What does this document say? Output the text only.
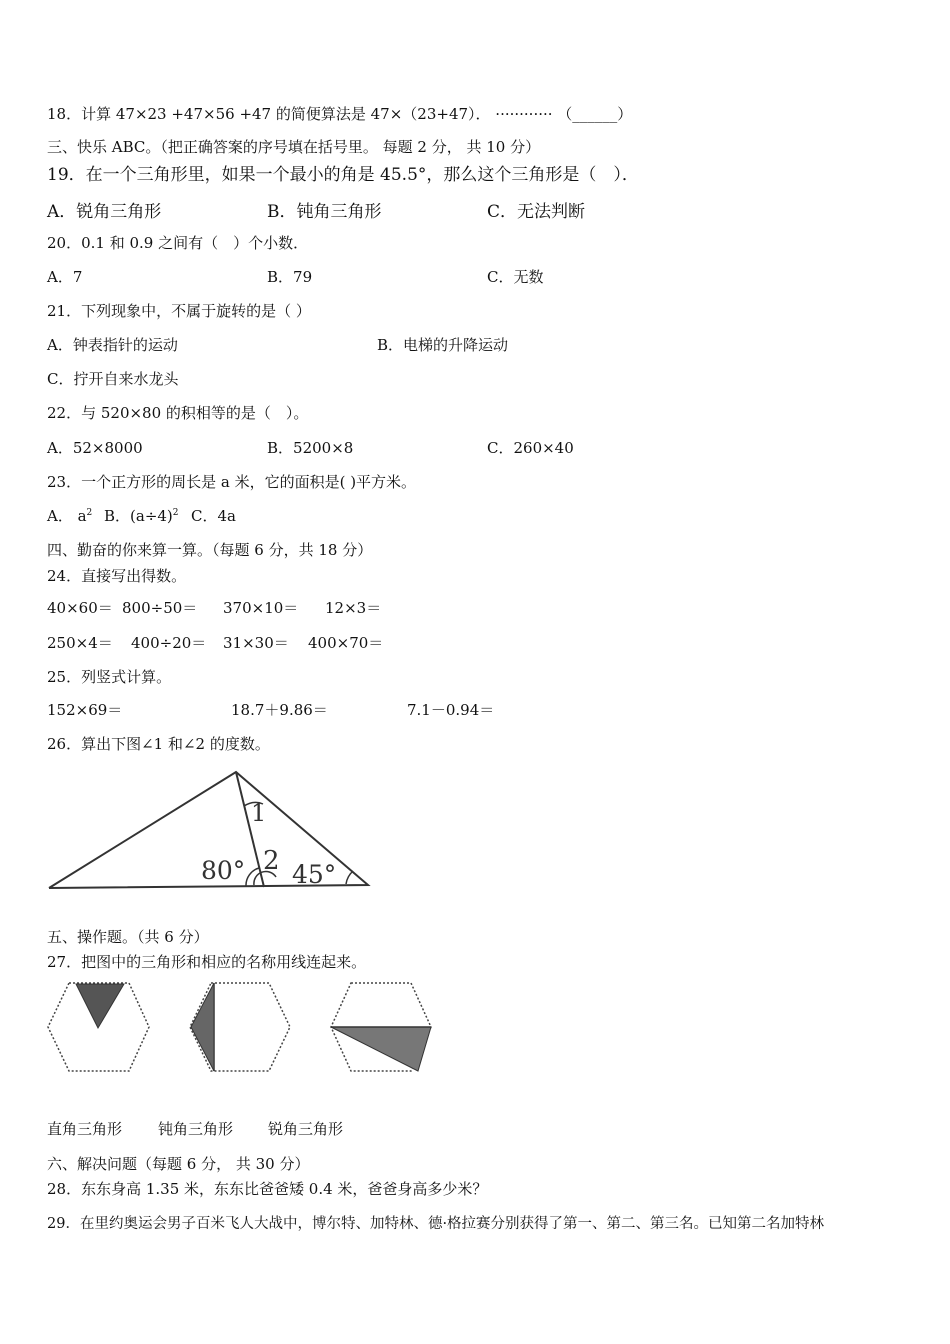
18．计算 47×23 +47×56 +47 的简便算法是 47×（23+47）． ············ （______）
三、快乐 ABC。（把正确答案的序号填在括号里。 每题 2 分， 共 10 分）
19．在一个三角形里，如果一个最小的角是 45.5°，那么这个三角形是（　）．
A．锐角三角形	B．钝角三角形	C．无法判断
20．0.1 和 0.9 之间有（　）个小数．
A．7	B．79	C．无数
21．下列现象中，不属于旋转的是（ ）
A．钟表指针的运动	B．电梯的升降运动
C．拧开自来水龙头
22．与 520×80 的积相等的是（　）。
A．52×8000	B．5200×8	C．260×40
23．一个正方形的周长是 a 米，它的面积是( )平方米。
A． $a^2$ B．$(a\div 4)^2$ C．4a
四、勤奋的你来算一算。（每题 6 分，共 18 分）
24．直接写出得数。
40×60＝ 800÷50＝ 370×10＝ 12×3＝
250×4＝ 400÷20＝ 31×30＝ 400×70＝
25．列竖式计算。
152×69＝	18.7＋9.86＝	7.1－0.94＝
26．算出下图∠1 和∠2 的度数。
1
2
80° 45°
五、操作题。（共 6 分）
27．把图中的三角形和相应的名称用线连起来。
直角三角形 钝角三角形 锐角三角形
六、解决问题（每题 6 分， 共 30 分）
28．东东身高 1.35 米，东东比爸爸矮 0.4 米，爸爸身高多少米？
29．在里约奥运会男子百米飞人大战中，博尔特、加特林、德·格拉赛分别获得了第一、第二、第三名。已知第二名加特林
